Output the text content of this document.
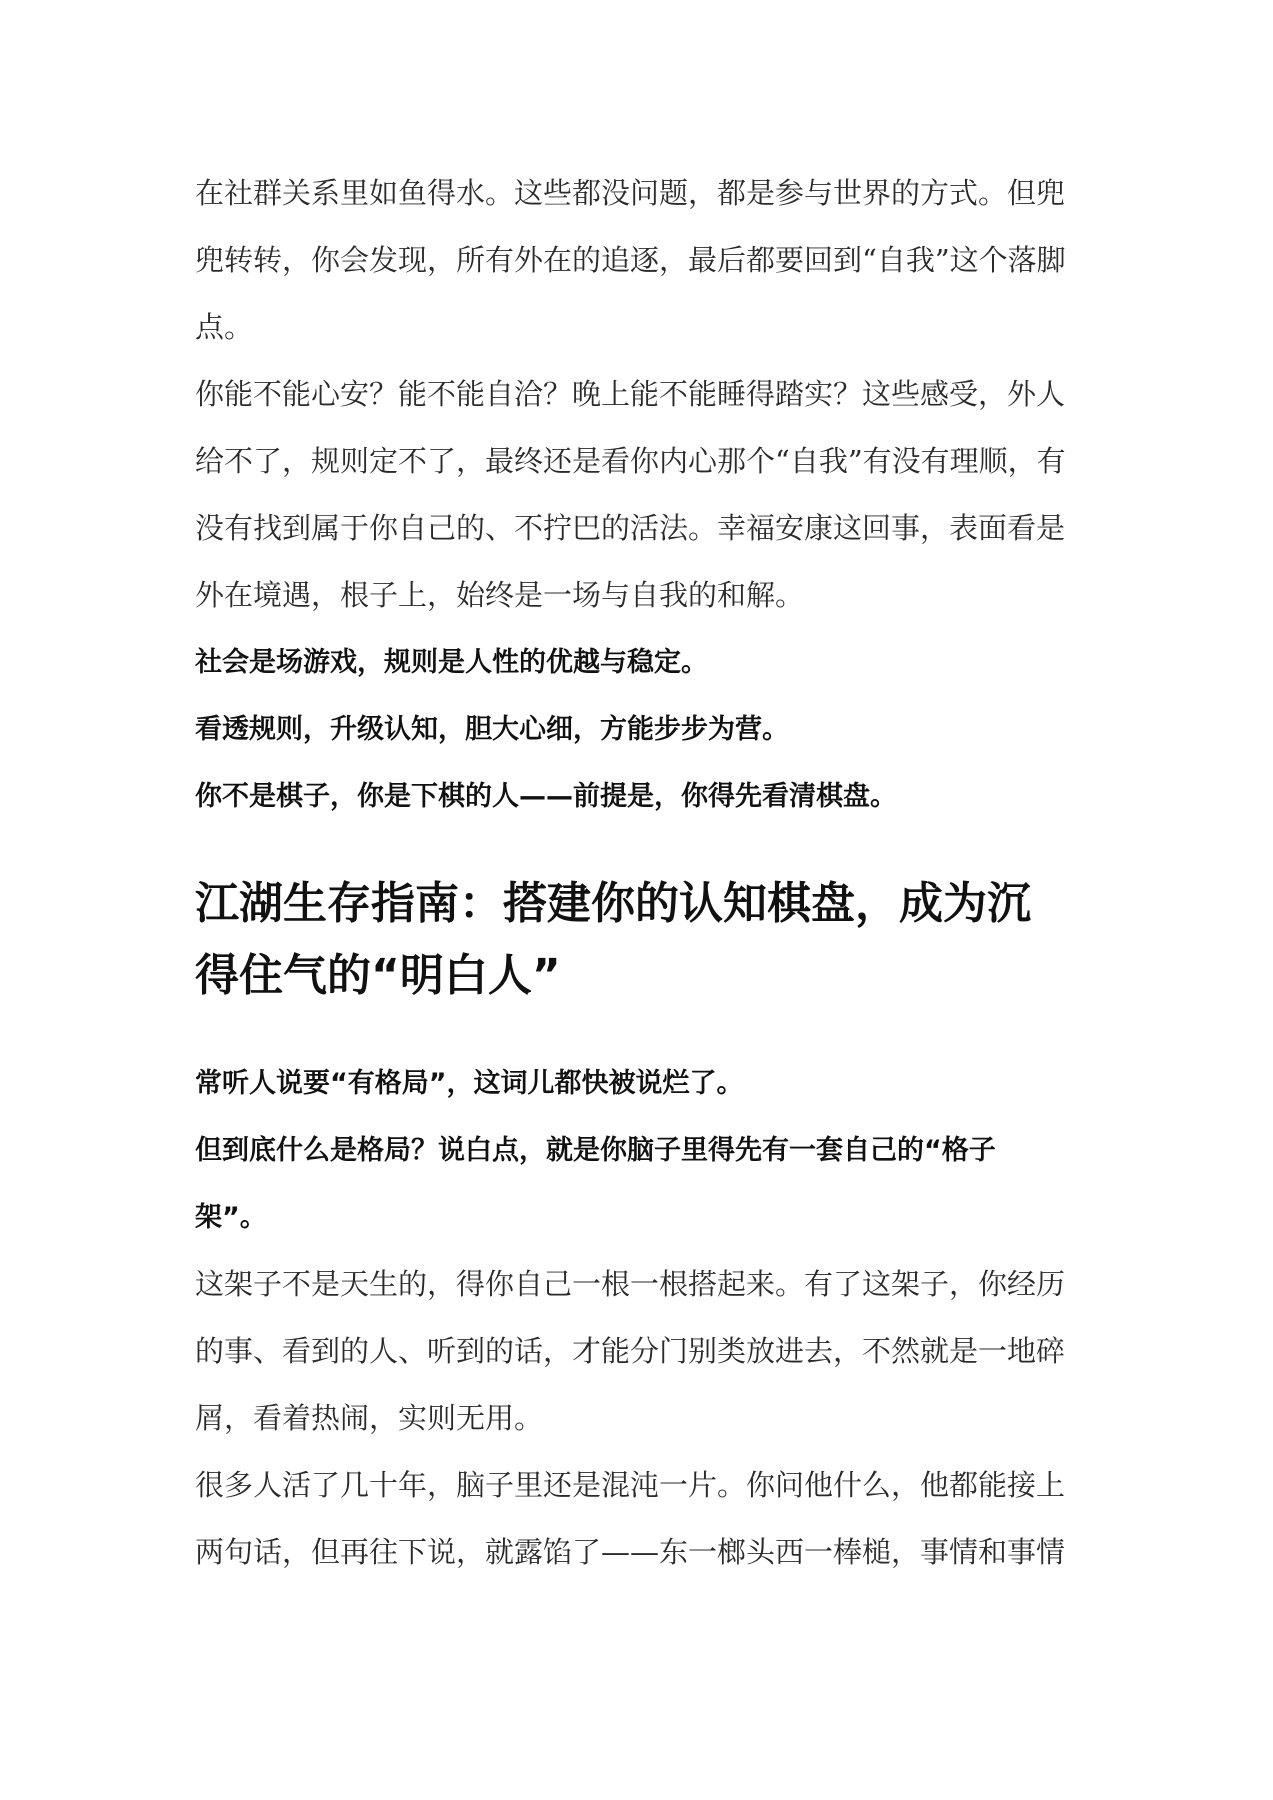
在社群关系里如鱼得水。这些都没问题，都是参与世界的方式。但兜
兜转转，你会发现，所有外在的追逐，最后都要回到“自我”这个落脚
点。
你能不能心安？能不能自洽？晚上能不能睡得踏实？这些感受，外人
给不了，规则定不了，最终还是看你内心那个“自我”有没有理顺，有
没有找到属于你自己的、不拧巴的活法。幸福安康这回事，表面看是
外在境遇，根子上，始终是一场与自我的和解。
社会是场游戏，规则是人性的优越与稳定。
看透规则，升级认知，胆大心细，方能步步为营。
你不是棋子，你是下棋的人——前提是，你得先看清棋盘。
江湖生存指南：搭建你的认知棋盘，成为沉
得住气的“明白人”
常听人说要“有格局”，这词儿都快被说烂了。
但到底什么是格局？说白点，就是你脑子里得先有一套自己的“格子
架”。
这架子不是天生的，得你自己一根一根搭起来。有了这架子，你经历
的事、看到的人、听到的话，才能分门别类放进去，不然就是一地碎
屑，看着热闹，实则无用。
很多人活了几十年，脑子里还是混沌一片。你问他什么，他都能接上
两句话，但再往下说，就露馅了——东一榔头西一棒槌，事情和事情
